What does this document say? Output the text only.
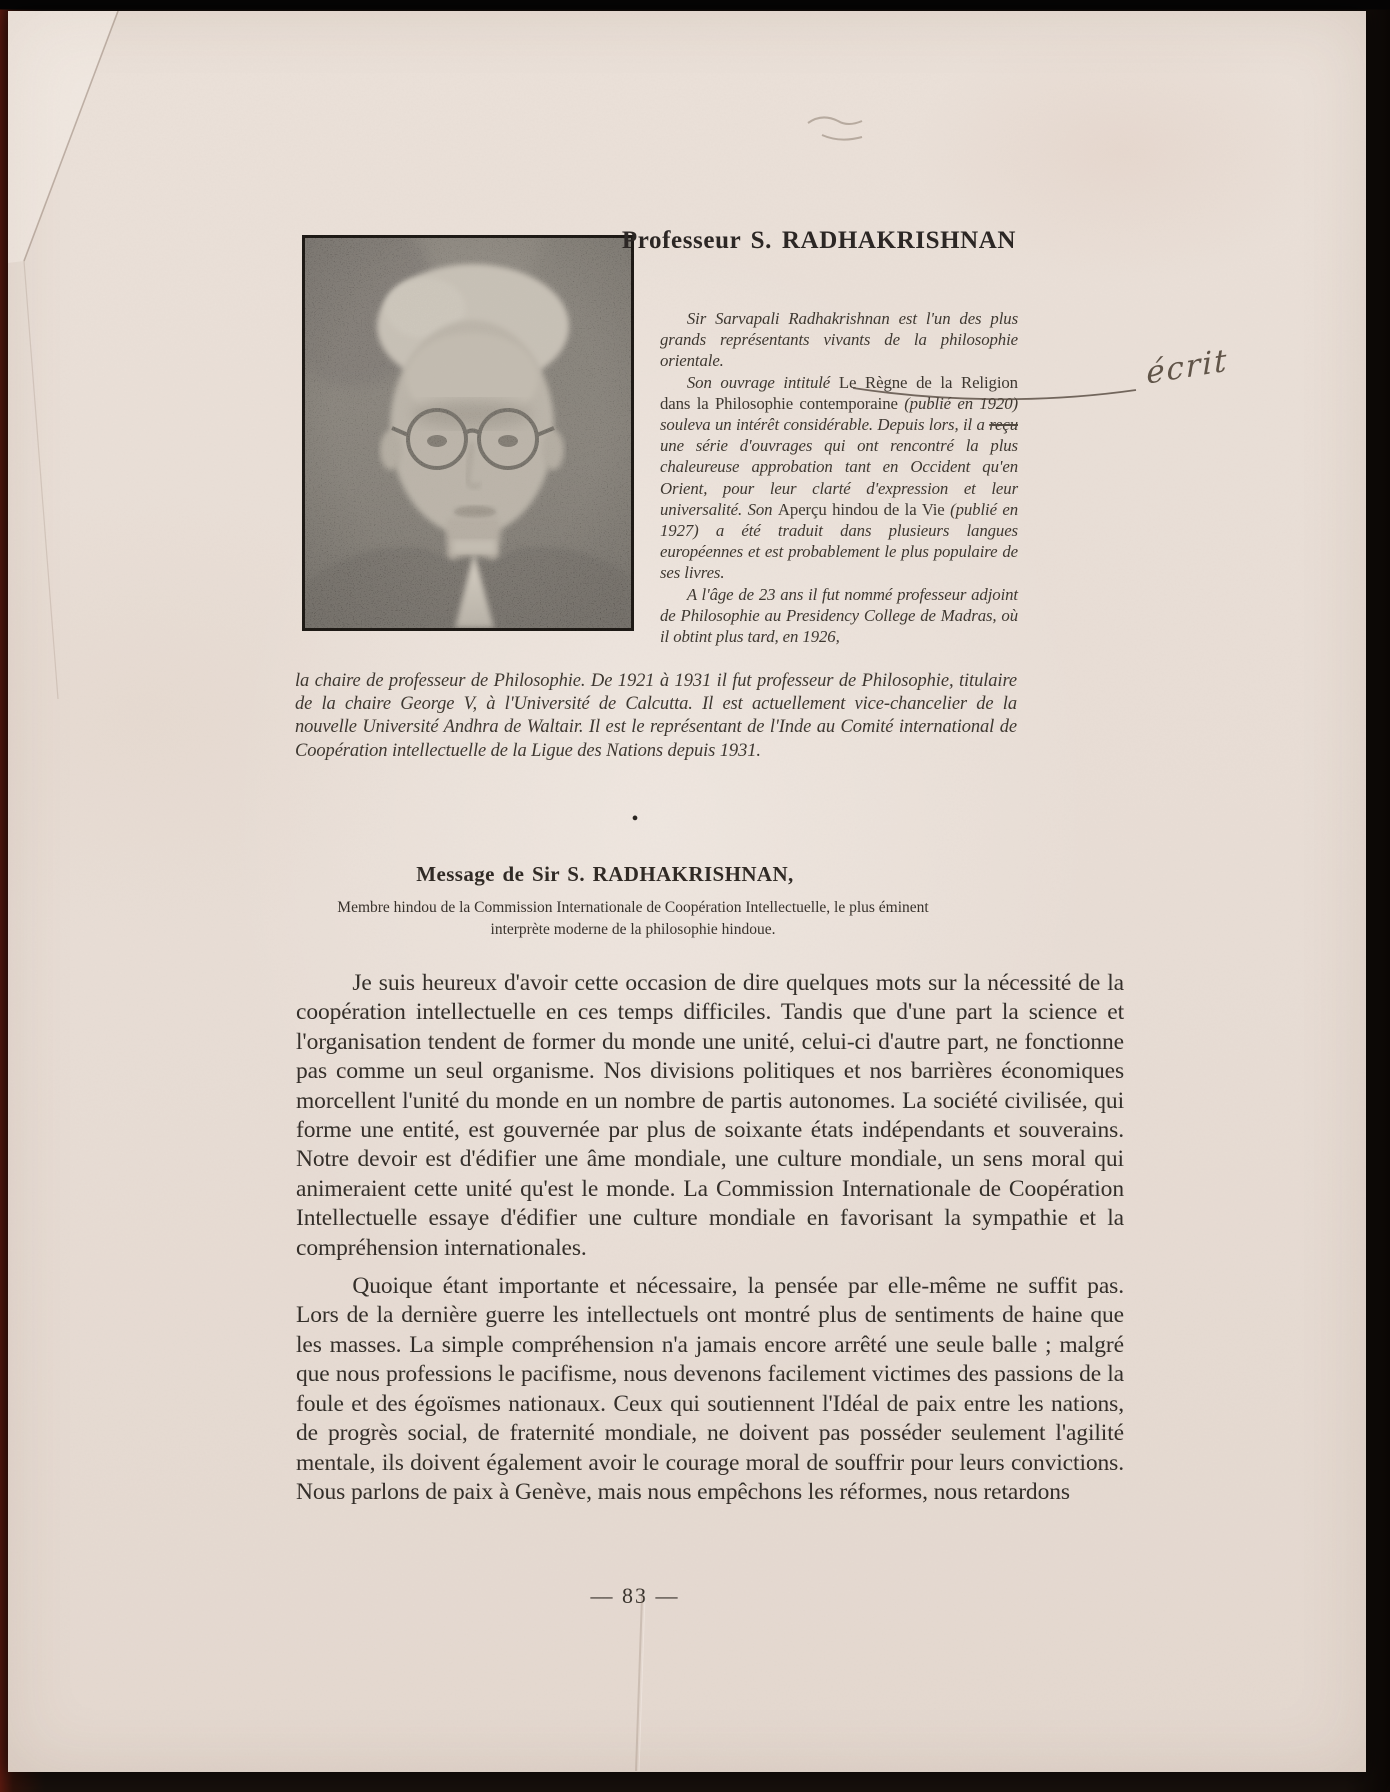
Professeur S. RADHAKRISHNAN

Sir Sarvapali Radhakrishnan est l'un des plus grands représentants vivants de la philosophie orientale.

Son ouvrage intitulé Le Règne de la Religion dans la Philosophie contemporaine (publié en 1920) souleva un intérêt considérable. Depuis lors, il a reçu une série d'ouvrages qui ont rencontré la plus chaleureuse approbation tant en Occident qu'en Orient, pour leur clarté d'expression et leur universalité. Son Aperçu hindou de la Vie (publié en 1927) a été traduit dans plusieurs langues européennes et est probablement le plus populaire de ses livres.

A l'âge de 23 ans il fut nommé professeur adjoint de Philosophie au Presidency College de Madras, où il obtint plus tard, en 1926,

la chaire de professeur de Philosophie. De 1921 à 1931 il fut professeur de Philosophie, titulaire de la chaire George V, à l'Université de Calcutta. Il est actuellement vice-chancelier de la nouvelle Université Andhra de Waltair. Il est le représentant de l'Inde au Comité international de Coopération intellectuelle de la Ligue des Nations depuis 1931.

écrit
•
Message de Sir S. RADHAKRISHNAN,
Membre hindou de la Commission Internationale de Coopération Intellectuelle, le plus éminent
interprète moderne de la philosophie hindoue.

Je suis heureux d'avoir cette occasion de dire quelques mots sur la nécessité de la coopération intellectuelle en ces temps difficiles. Tandis que d'une part la science et l'organisation tendent de former du monde une unité, celui-ci d'autre part, ne fonctionne pas comme un seul organisme. Nos divisions politiques et nos barrières économiques morcellent l'unité du monde en un nombre de partis autonomes. La société civilisée, qui forme une entité, est gouvernée par plus de soixante états indépendants et souverains. Notre devoir est d'édifier une âme mondiale, une culture mondiale, un sens moral qui animeraient cette unité qu'est le monde. La Commission Internationale de Coopération Intellectuelle essaye d'édifier une culture mondiale en favorisant la sympathie et la compréhension internationales.

Quoique étant importante et nécessaire, la pensée par elle-même ne suffit pas. Lors de la dernière guerre les intellectuels ont montré plus de sentiments de haine que les masses. La simple compréhension n'a jamais encore arrêté une seule balle ; malgré que nous professions le pacifisme, nous devenons facilement victimes des passions de la foule et des égoïsmes nationaux. Ceux qui soutiennent l'Idéal de paix entre les nations, de progrès social, de fraternité mondiale, ne doivent pas posséder seulement l'agilité mentale, ils doivent également avoir le courage moral de souffrir pour leurs convictions. Nous parlons de paix à Genève, mais nous empêchons les réformes, nous retardons

— 83 —
